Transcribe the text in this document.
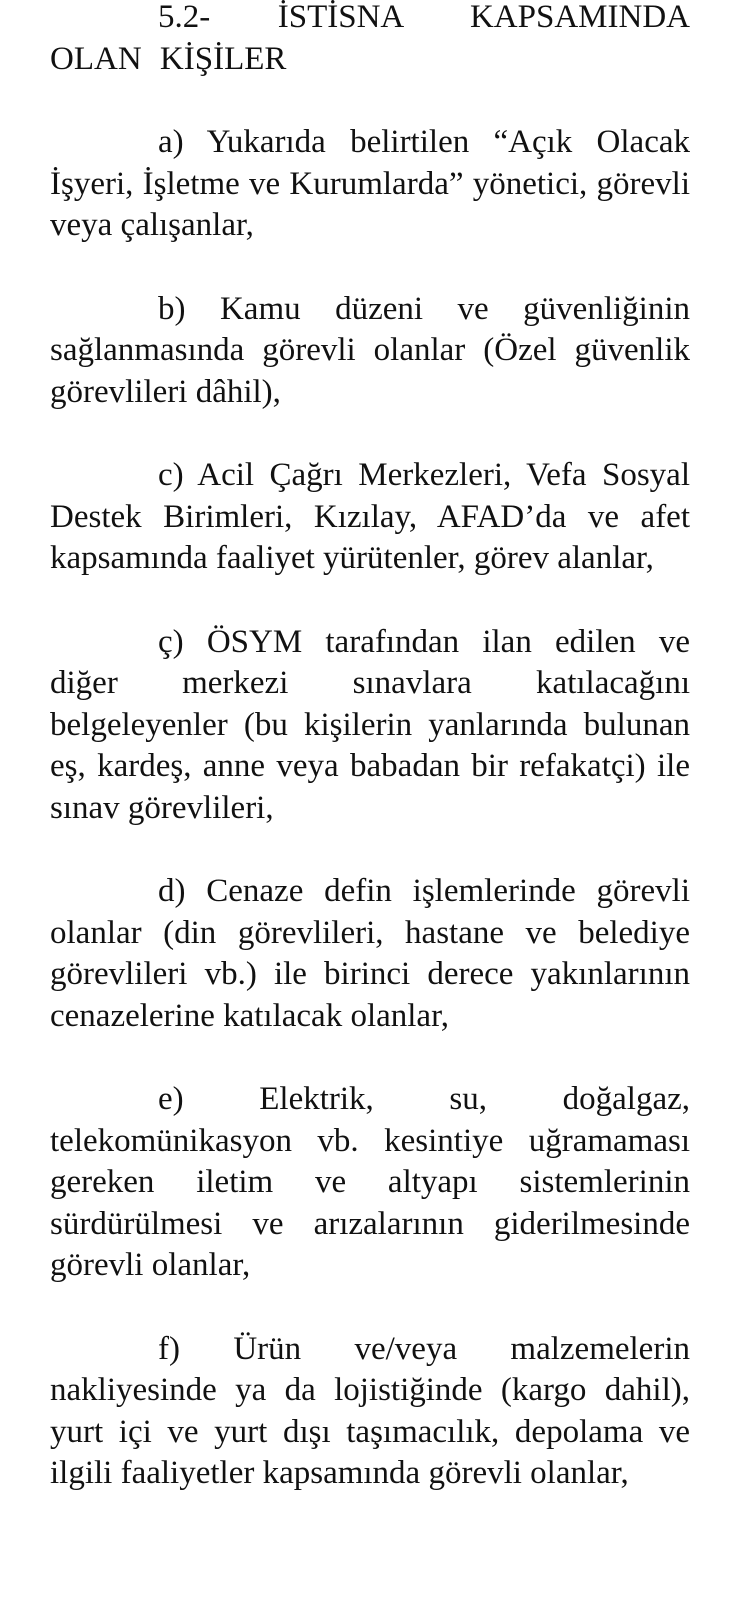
5.2- İSTİSNA KAPSAMINDA OLAN KİŞİLER

a) Yukarıda belirtilen “Açık Olacak İşyeri, İşletme ve Kurumlarda” yönetici, görevli veya çalışanlar,

b) Kamu düzeni ve güvenliğinin sağlanmasında görevli olanlar (Özel güvenlik görevlileri dâhil),

c) Acil Çağrı Merkezleri, Vefa Sosyal Destek Birimleri, Kızılay, AFAD’da ve afet kapsamında faaliyet yürütenler, görev alanlar,

ç) ÖSYM tarafından ilan edilen ve diğer merkezi sınavlara katılacağını belgeleyenler (bu kişilerin yanlarında bulunan eş, kardeş, anne veya babadan bir refakatçi) ile sınav görevlileri,

d) Cenaze defin işlemlerinde görevli olanlar (din görevlileri, hastane ve belediye görevlileri vb.) ile birinci derece yakınlarının cenazelerine katılacak olanlar,

e) Elektrik, su, doğalgaz, telekomünikasyon vb. kesintiye uğramaması gereken iletim ve altyapı sistemlerinin sürdürülmesi ve arızalarının giderilmesinde görevli olanlar,

f) Ürün ve/veya malzemelerin nakliyesinde ya da lojistiğinde (kargo dahil), yurt içi ve yurt dışı taşımacılık, depolama ve ilgili faaliyetler kapsamında görevli olanlar,
